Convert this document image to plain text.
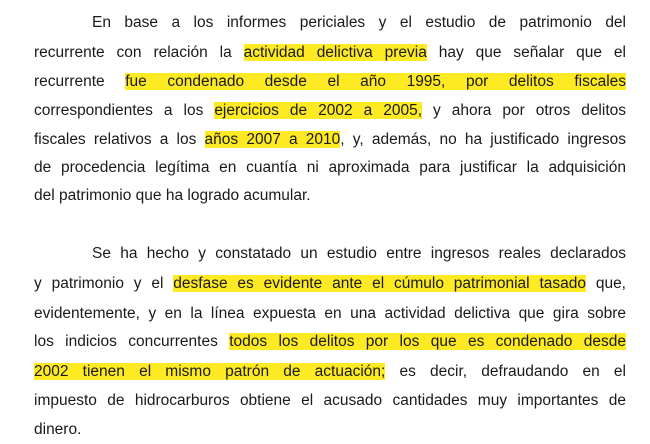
En base a los informes periciales y el estudio de patrimonio del
recurrente con relación la actividad delictiva previa hay que señalar que el
recurrente fue condenado desde el año 1995, por delitos fiscales
correspondientes a los ejercicios de 2002 a 2005, y ahora por otros delitos
fiscales relativos a los años 2007 a 2010, y, además, no ha justificado ingresos
de procedencia legítima en cuantía ni aproximada para justificar la adquisición
del patrimonio que ha logrado acumular.
Se ha hecho y constatado un estudio entre ingresos reales declarados
y patrimonio y el desfase es evidente ante el cúmulo patrimonial tasado que,
evidentemente, y en la línea expuesta en una actividad delictiva que gira sobre
los indicios concurrentes todos los delitos por los que es condenado desde
2002 tienen el mismo patrón de actuación; es decir, defraudando en el
impuesto de hidrocarburos obtiene el acusado cantidades muy importantes de
dinero.
